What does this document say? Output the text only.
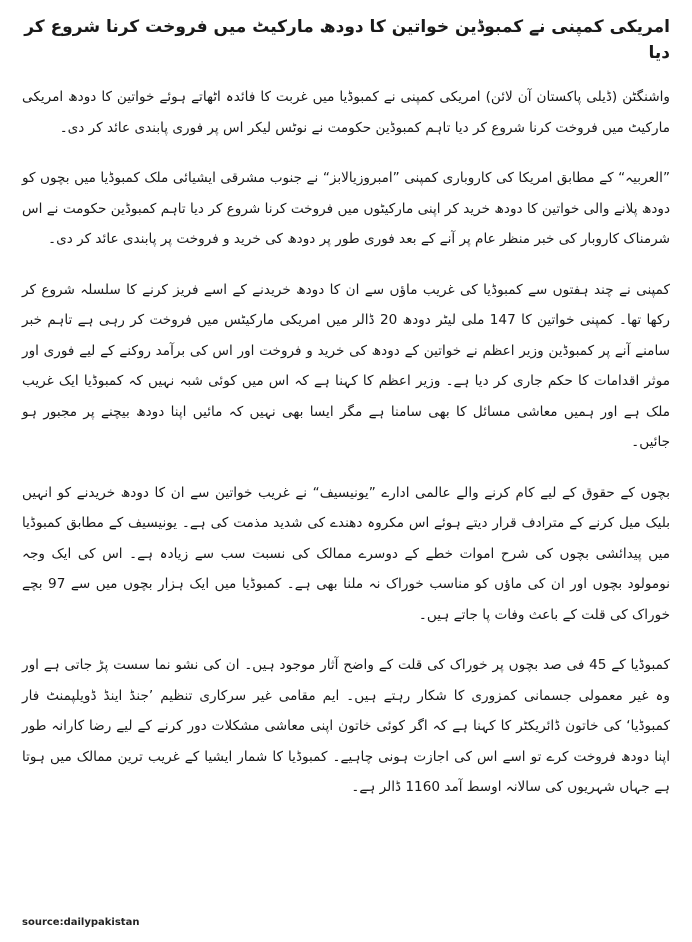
امریکی کمپنی نے کمبوڈین خواتین کا دودھ مارکیٹ میں فروخت کرنا شروع کر دیا

واشنگٹن (ڈیلی پاکستان آن لائن) امریکی کمپنی نے کمبوڈیا میں غربت کا فائدہ اٹھاتے ہوئے خواتین کا دودھ امریکی مارکیٹ میں فروخت کرنا شروع کر دیا تاہم کمبوڈین حکومت نے نوٹس لیکر اس پر فوری پابندی عائد کر دی۔

”العربیہ“ کے مطابق امریکا کی کاروباری کمپنی ”امبروزیالابز“ نے جنوب مشرقی ایشیائی ملک کمبوڈیا میں بچوں کو دودھ پلانے والی خواتین کا دودھ خرید کر اپنی مارکیٹوں میں فروخت کرنا شروع کر دیا تاہم کمبوڈین حکومت نے اس شرمناک کاروبار کی خبر منظر عام پر آنے کے بعد فوری طور پر دودھ کی خرید و فروخت پر پابندی عائد کر دی۔

کمپنی نے چند ہفتوں سے کمبوڈیا کی غریب ماؤں سے ان کا دودھ خریدنے کے اسے فریز کرنے کا سلسلہ شروع کر رکھا تھا۔ کمپنی خواتین کا 147 ملی لیٹر دودھ 20 ڈالر میں امریکی مارکیٹس میں فروخت کر رہی ہے تاہم خبر سامنے آنے پر کمبوڈین وزیر اعظم نے خواتین کے دودھ کی خرید و فروخت اور اس کی برآمد روکنے کے لیے فوری اور موثر اقدامات کا حکم جاری کر دیا ہے۔ وزیر اعظم کا کہنا ہے کہ اس میں کوئی شبہ نہیں کہ کمبوڈیا ایک غریب ملک ہے اور ہمیں معاشی مسائل کا بھی سامنا ہے مگر ایسا بھی نہیں کہ مائیں اپنا دودھ بیچنے پر مجبور ہو جائیں۔

بچوں کے حقوق کے لیے کام کرنے والے عالمی ادارے ”یونیسیف“ نے غریب خواتین سے ان کا دودھ خریدنے کو انہیں بلیک میل کرنے کے مترادف قرار دیتے ہوئے اس مکروہ دھندے کی شدید مذمت کی ہے۔ یونیسیف کے مطابق کمبوڈیا میں پیدائشی بچوں کی شرح اموات خطے کے دوسرے ممالک کی نسبت سب سے زیادہ ہے۔ اس کی ایک وجہ نومولود بچوں اور ان کی ماؤں کو مناسب خوراک نہ ملنا بھی ہے۔ کمبوڈیا میں ایک ہزار بچوں میں سے 97 بچے خوراک کی قلت کے باعث وفات پا جاتے ہیں۔

کمبوڈیا کے 45 فی صد بچوں پر خوراک کی قلت کے واضح آثار موجود ہیں۔ ان کی نشو نما سست پڑ جاتی ہے اور وہ غیر معمولی جسمانی کمزوری کا شکار رہتے ہیں۔ ایم مقامی غیر سرکاری تنظیم ’جنڈ اینڈ ڈویلپمنٹ فار کمبوڈیا‘ کی خاتون ڈائریکٹر کا کہنا ہے کہ اگر کوئی خاتون اپنی معاشی مشکلات دور کرنے کے لیے رضا کارانہ طور اپنا دودھ فروخت کرے تو اسے اس کی اجازت ہونی چاہیے۔ کمبوڈیا کا شمار ایشیا کے غریب ترین ممالک میں ہوتا ہے جہاں شہریوں کی سالانہ اوسط آمد 1160 ڈالر ہے۔

source:dailypakistan
